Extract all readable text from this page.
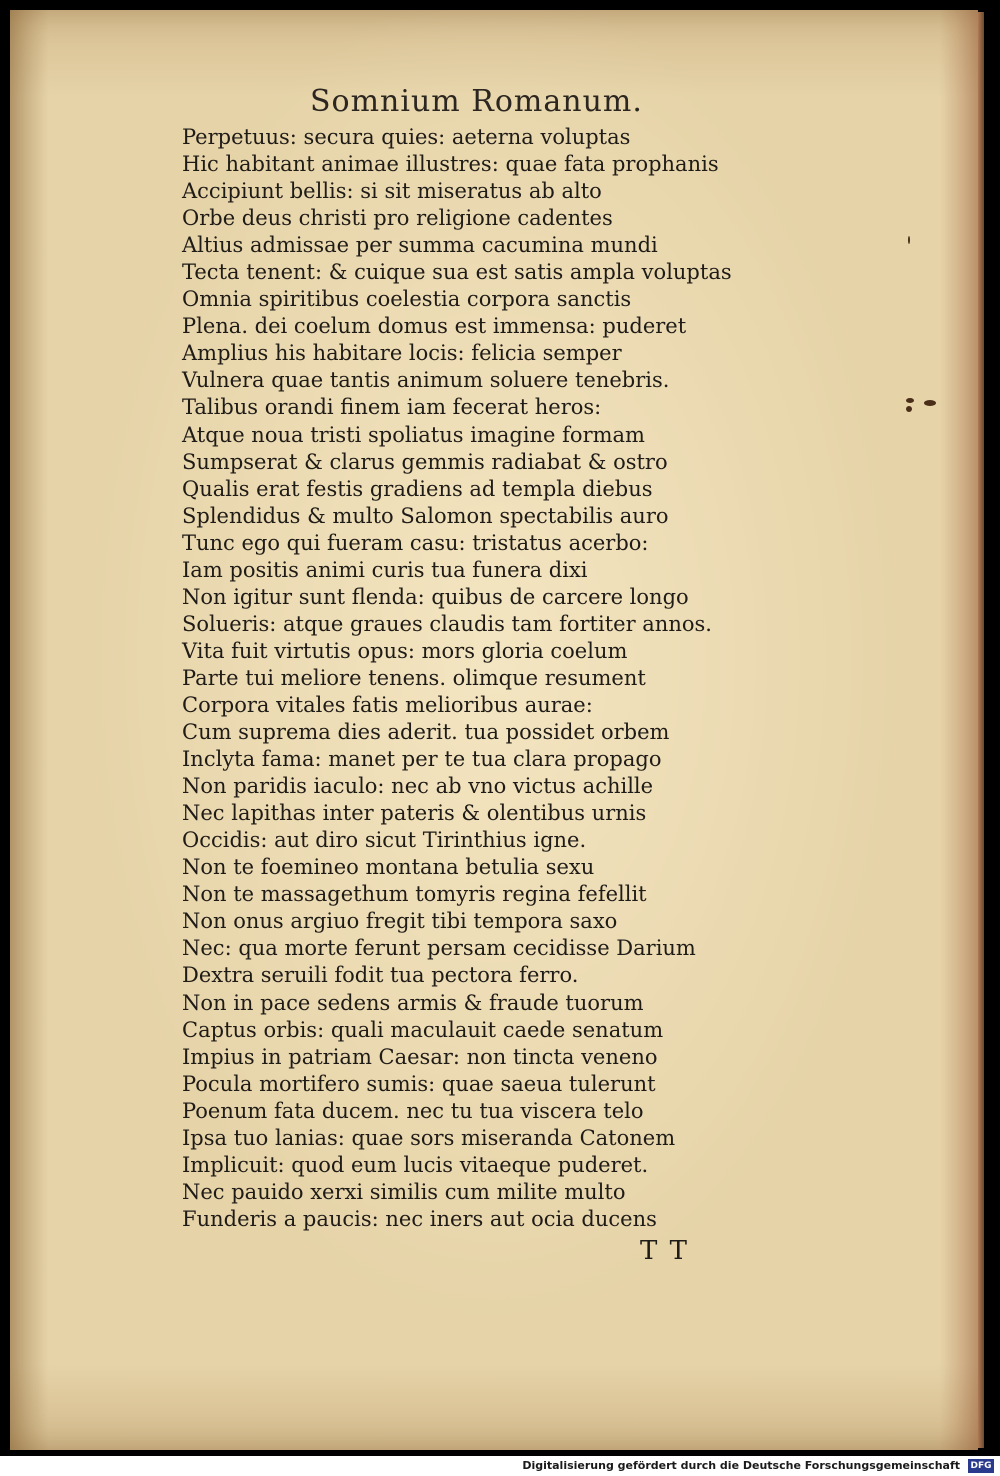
Somnium Romanum.
Perpetuus: secura quies: aeterna voluptas
Hic habitant animae illustres: quae fata prophanis
Accipiunt bellis: si sit miseratus ab alto
Orbe deus christi pro religione cadentes
Altius admissae per summa cacumina mundi
Tecta tenent: & cuique sua est satis ampla voluptas
Omnia spiritibus coelestia corpora sanctis
Plena. dei coelum domus est immensa: puderet
Amplius his habitare locis: felicia semper
Vulnera quae tantis animum soluere tenebris.
Talibus orandi finem iam fecerat heros:
Atque noua tristi spoliatus imagine formam
Sumpserat & clarus gemmis radiabat & ostro
Qualis erat festis gradiens ad templa diebus
Splendidus & multo Salomon spectabilis auro
Tunc ego qui fueram casu: tristatus acerbo:
Iam positis animi curis tua funera dixi
Non igitur sunt flenda: quibus de carcere longo
Solueris: atque graues claudis tam fortiter annos.
Vita fuit virtutis opus: mors gloria coelum
Parte tui meliore tenens. olimque resument
Corpora vitales fatis melioribus aurae:
Cum suprema dies aderit. tua possidet orbem
Inclyta fama: manet per te tua clara propago
Non paridis iaculo: nec ab vno victus achille
Nec lapithas inter pateris & olentibus urnis
Occidis: aut diro sicut Tirinthius igne.
Non te foemineo montana betulia sexu
Non te massagethum tomyris regina fefellit
Non onus argiuo fregit tibi tempora saxo
Nec: qua morte ferunt persam cecidisse Darium
Dextra seruili fodit tua pectora ferro.
Non in pace sedens armis & fraude tuorum
Captus orbis: quali maculauit caede senatum
Impius in patriam Caesar: non tincta veneno
Pocula mortifero sumis: quae saeua tulerunt
Poenum fata ducem. nec tu tua viscera telo
Ipsa tuo lanias: quae sors miseranda Catonem
Implicuit: quod eum lucis vitaeque puderet.
Nec pauido xerxi similis cum milite multo
Funderis a paucis: nec iners aut ocia ducens
T T
Digitalisierung gefördert durch die Deutsche Forschungsgemeinschaft DFG
